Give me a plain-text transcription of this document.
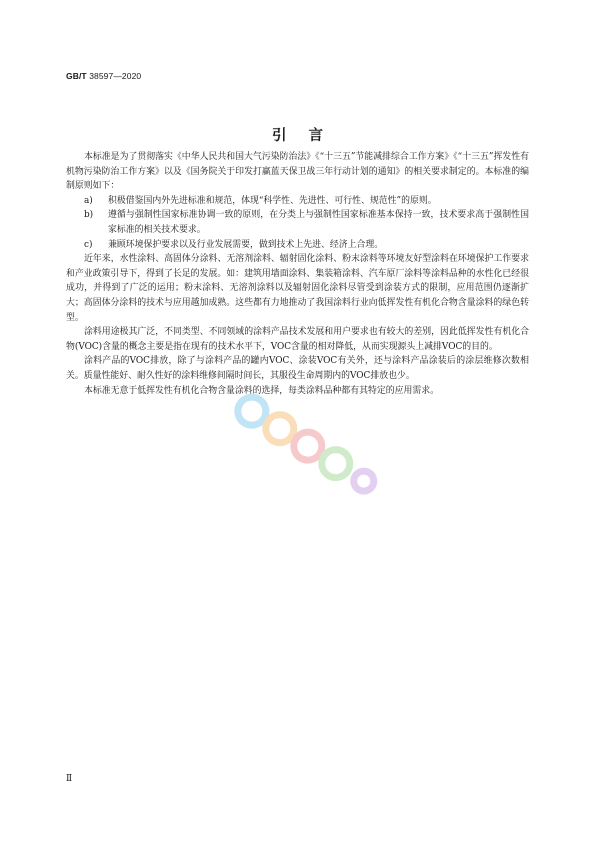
GB/T 38597—2020
引言

本标准是为了贯彻落实《中华人民共和国大气污染防治法》《“十三五”节能减排综合工作方案》《“十三五”挥发性有机物污染防治工作方案》以及《国务院关于印发打赢蓝天保卫战三年行动计划的通知》的相关要求制定的。本标准的编制原则如下：

a)	积极借鉴国内外先进标准和规范，体现“科学性、先进性、可行性、规范性”的原则。
b)	遵循与强制性国家标准协调一致的原则，在分类上与强制性国家标准基本保持一致，技术要求高于强制性国家标准的相关技术要求。
c)	兼顾环境保护要求以及行业发展需要，做到技术上先进、经济上合理。

近年来，水性涂料、高固体分涂料、无溶剂涂料、辐射固化涂料、粉末涂料等环境友好型涂料在环境保护工作要求和产业政策引导下，得到了长足的发展。如：建筑用墙面涂料、集装箱涂料、汽车原厂涂料等涂料品种的水性化已经很成功，并得到了广泛的运用；粉末涂料、无溶剂涂料以及辐射固化涂料尽管受到涂装方式的限制，应用范围仍逐渐扩大；高固体分涂料的技术与应用越加成熟。这些都有力地推动了我国涂料行业向低挥发性有机化合物含量涂料的绿色转型。

涂料用途极其广泛，不同类型、不同领域的涂料产品技术发展和用户要求也有较大的差别，因此低挥发性有机化合物(VOC)含量的概念主要是指在现有的技术水平下，VOC含量的相对降低，从而实现源头上减排VOC的目的。

涂料产品的VOC排放，除了与涂料产品的罐内VOC、涂装VOC有关外，还与涂料产品涂装后的涂层维修次数相关。质量性能好、耐久性好的涂料维修间隔时间长，其服役生命周期内的VOC排放也少。

本标准无意于低挥发性有机化合物含量涂料的选择，每类涂料品种都有其特定的应用需求。

Ⅱ
